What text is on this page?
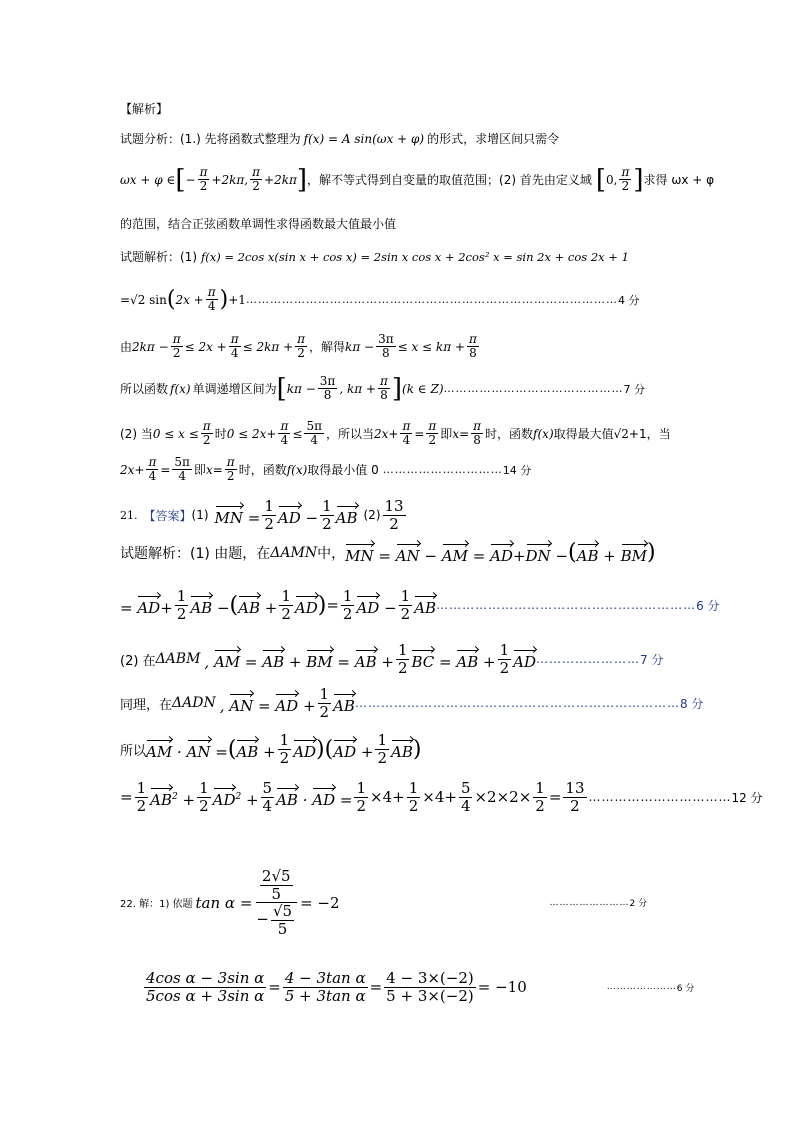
【解析】
试题分析：(1.) 先将函数式整理为 f(x) = A sin(ωx + φ) 的形式，求增区间只需令
ωx + φ ∈ [ − $\frac{\pi}{2} +2k\pi$,
π
2 +2kπ ] ，解不等式得到自变量的取值范围；(2) 首先由定义域 [ 0,
π
2 ] 求得 ωx + φ
的范围，结合正弦函数单调性求得函数最大值最小值
试题解析：(1) f(x) = 2cos x(sin x + cos x) = 2sin x cos x + 2cos² x = sin 2x + cos 2x + 1
=√2 sin ( $2x + \frac{\pi}{4}$ ) +1 ………………………………………………………………………………… 4 分
由 $2k\pi - \frac{\pi}{2} \le 2x + \frac{\pi}{4} \le 2k\pi + \frac{\pi}{2}$ ，解得 $k\pi - \frac{3\pi}{8} \le x \le k\pi + \frac{\pi}{8}$
所以函数 f(x) 单调递增区间为 [ $k\pi - \frac{3\pi}{8}$ , $k\pi + \frac{\pi}{8}$ ] (k ∈ Z) ……………………………………… 7 分
(2) 当 $0 \le x \le \frac{\pi}{2}$ 时 $0 \le 2x+ \frac{\pi}{4} \le \frac{5\pi}{4}$ ，所以当 $2x+ \frac{\pi}{4} = \frac{\pi}{2}$ 即 $x= \frac{\pi}{8}$ 时，函数 f(x) 取得最大值 √2 +1，当
$2x+ \frac{\pi}{4} = \frac{5\pi}{4}$ 即 $x= \frac{\pi}{2}$ 时，函数 f(x) 取得最小值 0 ………………………… 14 分
21. 【答案】 (1) MN = $\frac{1}{2}$ AD − $\frac{1}{2}$ AB (2) 13
2
试题解析：(1) 由题，在 ΔAMN 中， MN = AN − AM = AD+DN − ( AB + BM )
= $AD+ \frac{1}{2}$ AB − ( AB + $\frac{1}{2}$ AD ) = $\frac{1}{2}$ AD − $\frac{1}{2}$ AB …………………………………………………… 6 分
(2) 在 ΔABM , AM = AB + BM = AB + $\frac{1}{2}$ BC = AB + $\frac{1}{2}$ AD …………………… 7 分
同理，在 ΔADN , AN = AD + $\frac{1}{2}$ AB ………………………………………………………………… 8 分
所以 AM · AN = ( AB + $\frac{1}{2}$ AD ) ( AD + $\frac{1}{2}$ AB )
= $\frac{1}{2} AB^2 + \frac{1}{2} AD^2 + \frac{5}{4}$ AB · AD = $\frac{1}{2} \times 4+ \frac{1}{2} \times 4+ \frac{5}{4} \times 2\times 2\times \frac{1}{2} = \frac{13}{2}$ …………………………… 12 分
22. 解：1) 依题 $\tan \alpha = \frac{\frac{2√5}{5}}{- \frac{√5}{5}} = -2$	…………………… 2 分
$\frac{\text{4cos α − 3sin α}}{\text{5cos α + 3sin α}} = \frac{\text{4 − 3tan α}}{\text{5 + 3tan α}} = \frac{4 - 3\times(-2)}{5 + 3\times(-2)} = -10$	………………… 6 分
